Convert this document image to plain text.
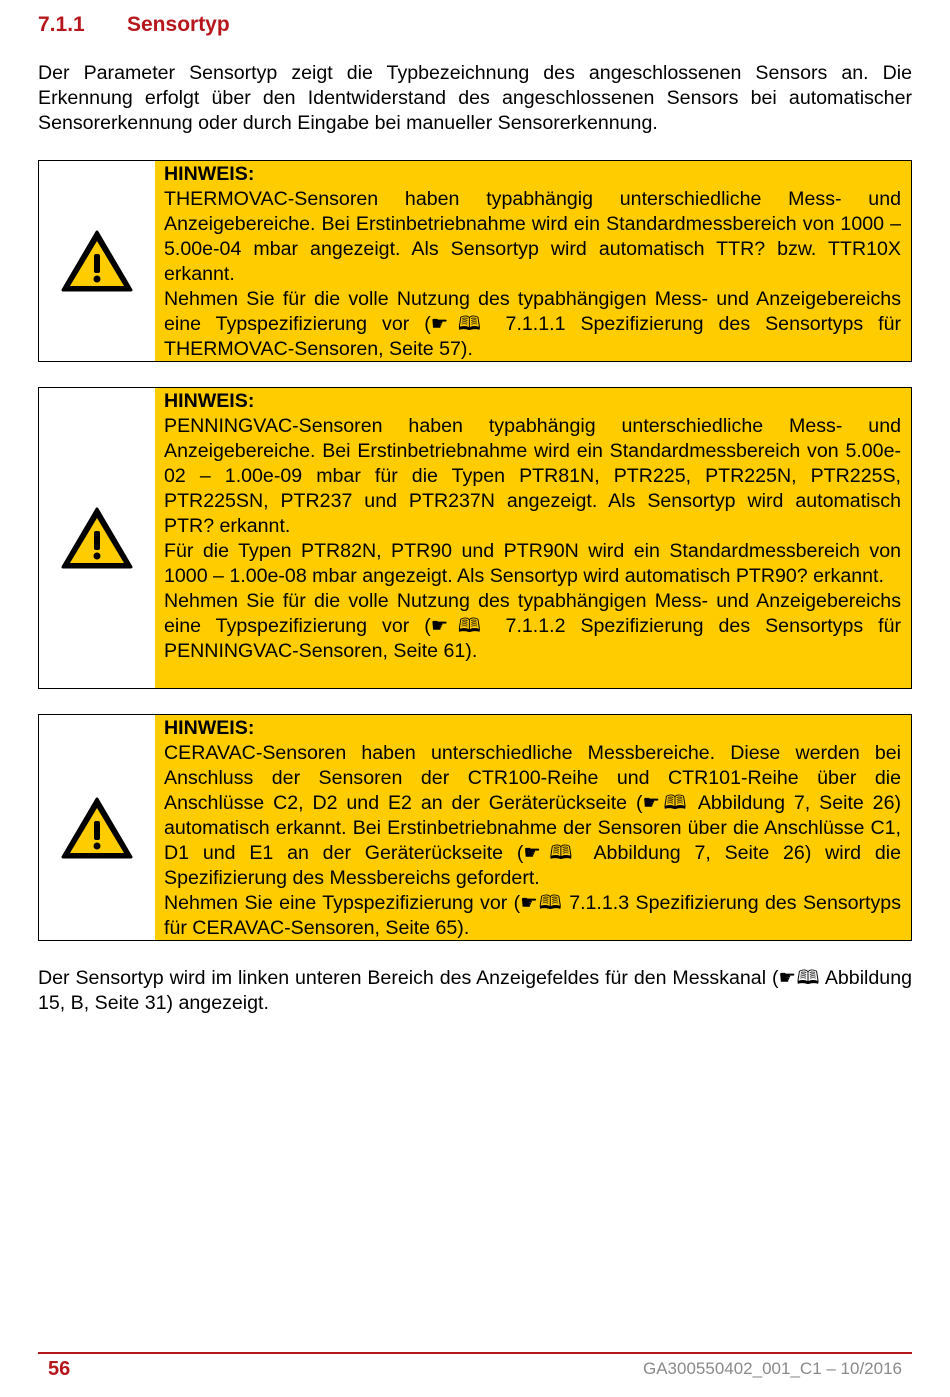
7.1.1 Sensortyp
Der Parameter Sensortyp zeigt die Typbezeichnung des angeschlossenen Sensors an. Die Erkennung erfolgt über den Identwiderstand des angeschlossenen Sensors bei automatischer Sensorerkennung oder durch Eingabe bei manueller Sensorerkennung.
HINWEIS:
THERMOVAC-Sensoren haben typabhängig unterschiedliche Mess- und Anzeigebereiche. Bei Erstinbetriebnahme wird ein Standardmessbereich von 1000 – 5.00e-04 mbar angezeigt. Als Sensortyp wird automatisch TTR? bzw. TTR10X erkannt.
Nehmen Sie für die volle Nutzung des typabhängigen Mess- und Anzeigebereichs eine Typspezifizierung vor (☛🕮 7.1.1.1 Spezifizierung des Sensortyps für THERMOVAC-Sensoren, Seite 57).
HINWEIS:
PENNINGVAC-Sensoren haben typabhängig unterschiedliche Mess- und Anzeigebereiche. Bei Erstinbetriebnahme wird ein Standardmessbereich von 5.00e-02 – 1.00e-09 mbar für die Typen PTR81N, PTR225, PTR225N, PTR225S, PTR225SN, PTR237 und PTR237N angezeigt. Als Sensortyp wird automatisch PTR? erkannt.
Für die Typen PTR82N, PTR90 und PTR90N wird ein Standardmessbereich von 1000 – 1.00e-08 mbar angezeigt. Als Sensortyp wird automatisch PTR90? erkannt.
Nehmen Sie für die volle Nutzung des typabhängigen Mess- und Anzeigebereichs eine Typspezifizierung vor (☛🕮 7.1.1.2 Spezifizierung des Sensortyps für PENNINGVAC-Sensoren, Seite 61).
HINWEIS:
CERAVAC-Sensoren haben unterschiedliche Messbereiche. Diese werden bei Anschluss der Sensoren der CTR100-Reihe und CTR101-Reihe über die Anschlüsse C2, D2 und E2 an der Geräterückseite (☛🕮 Abbildung 7, Seite 26) automatisch erkannt. Bei Erstinbetriebnahme der Sensoren über die Anschlüsse C1, D1 und E1 an der Geräterückseite (☛🕮 Abbildung 7, Seite 26) wird die Spezifizierung des Messbereichs gefordert.
Nehmen Sie eine Typspezifizierung vor (☛🕮 7.1.1.3 Spezifizierung des Sensortyps für CERAVAC-Sensoren, Seite 65).
Der Sensortyp wird im linken unteren Bereich des Anzeigefeldes für den Messkanal (☛🕮 Abbildung 15, B, Seite 31) angezeigt.
56	GA300550402_001_C1 – 10/2016
